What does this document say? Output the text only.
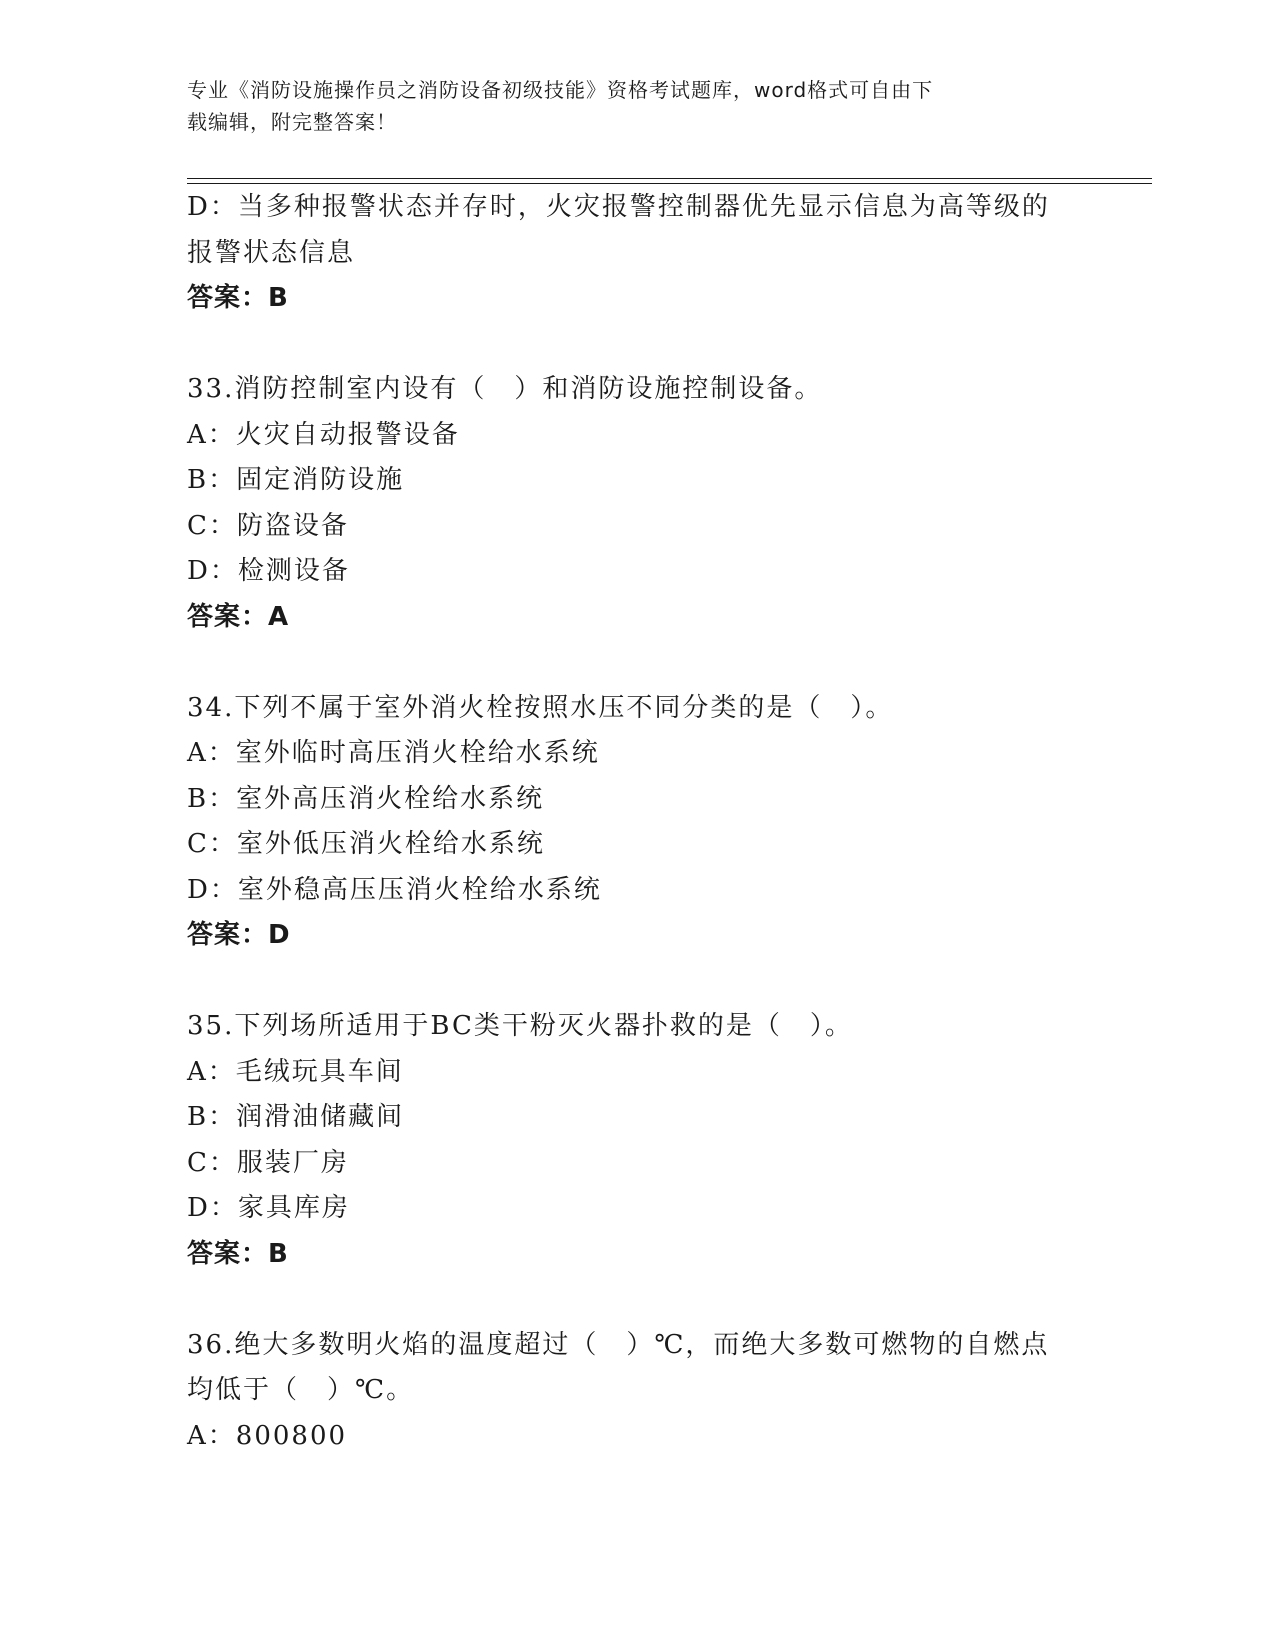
专业《消防设施操作员之消防设备初级技能》资格考试题库，word格式可自由下
载编辑，附完整答案！
D：当多种报警状态并存时，火灾报警控制器优先显示信息为高等级的
报警状态信息
答案：B
33.消防控制室内设有（　）和消防设施控制设备。
A：火灾自动报警设备
B：固定消防设施
C：防盗设备
D：检测设备
答案：A
34.下列不属于室外消火栓按照水压不同分类的是（　）。
A：室外临时高压消火栓给水系统
B：室外高压消火栓给水系统
C：室外低压消火栓给水系统
D：室外稳高压压消火栓给水系统
答案：D
35.下列场所适用于BC类干粉灭火器扑救的是（　）。
A：毛绒玩具车间
B：润滑油储藏间
C：服装厂房
D：家具库房
答案：B
36.绝大多数明火焰的温度超过（　）℃，而绝大多数可燃物的自燃点
均低于（　）℃。
A：800800
